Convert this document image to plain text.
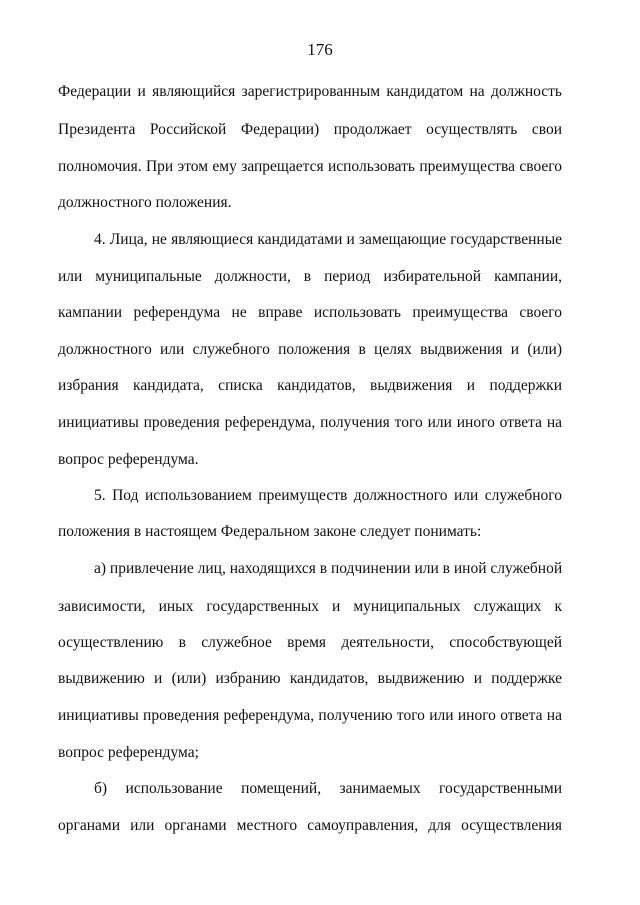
176
Федерации и являющийся зарегистрированным кандидатом на должность
Президента Российской Федерации) продолжает осуществлять свои
полномочия. При этом ему запрещается использовать преимущества своего
должностного положения.
4. Лица, не являющиеся кандидатами и замещающие государственные
или муниципальные должности, в период избирательной кампании,
кампании референдума не вправе использовать преимущества своего
должностного или служебного положения в целях выдвижения и (или)
избрания кандидата, списка кандидатов, выдвижения и поддержки
инициативы проведения референдума, получения того или иного ответа на
вопрос референдума.
5. Под использованием преимуществ должностного или служебного
положения в настоящем Федеральном законе следует понимать:
а) привлечение лиц, находящихся в подчинении или в иной служебной
зависимости, иных государственных и муниципальных служащих к
осуществлению в служебное время деятельности, способствующей
выдвижению и (или) избранию кандидатов, выдвижению и поддержке
инициативы проведения референдума, получению того или иного ответа на
вопрос референдума;
б) использование помещений, занимаемых государственными
органами или органами местного самоуправления, для осуществления
